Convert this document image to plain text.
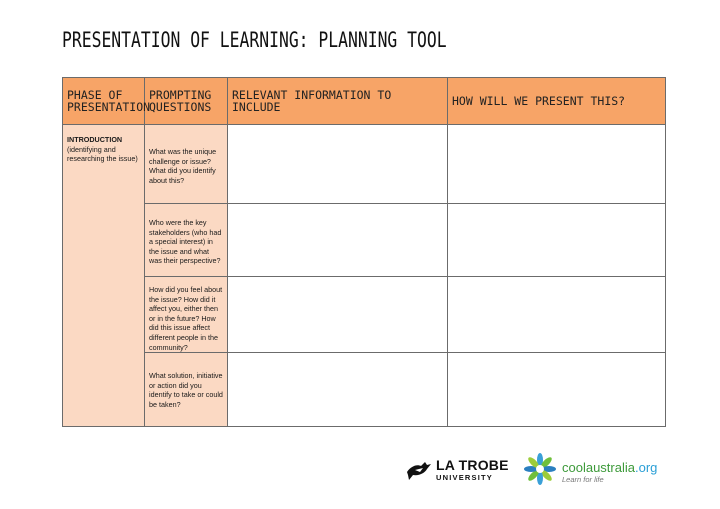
PRESENTATION OF LEARNING: PLANNING TOOL
PHASE OF PRESENTATION	PROMPTING QUESTIONS	RELEVANT INFORMATION TO INCLUDE	HOW WILL WE PRESENT THIS?

INTRODUCTION
(identifying and researching the issue)	What was the unique challenge or issue? What did you identify about this?		

	Who were the key stakeholders (who had a special interest) in the issue and what was their perspective?		

	How did you feel about the issue? How did it affect you, either then or in the future? How did this issue affect different people in the community?		

	What solution, initiative or action did you identify to take or could be taken?		

LA TROBE
UNIVERSITY
coolaustralia.org
Learn for life
